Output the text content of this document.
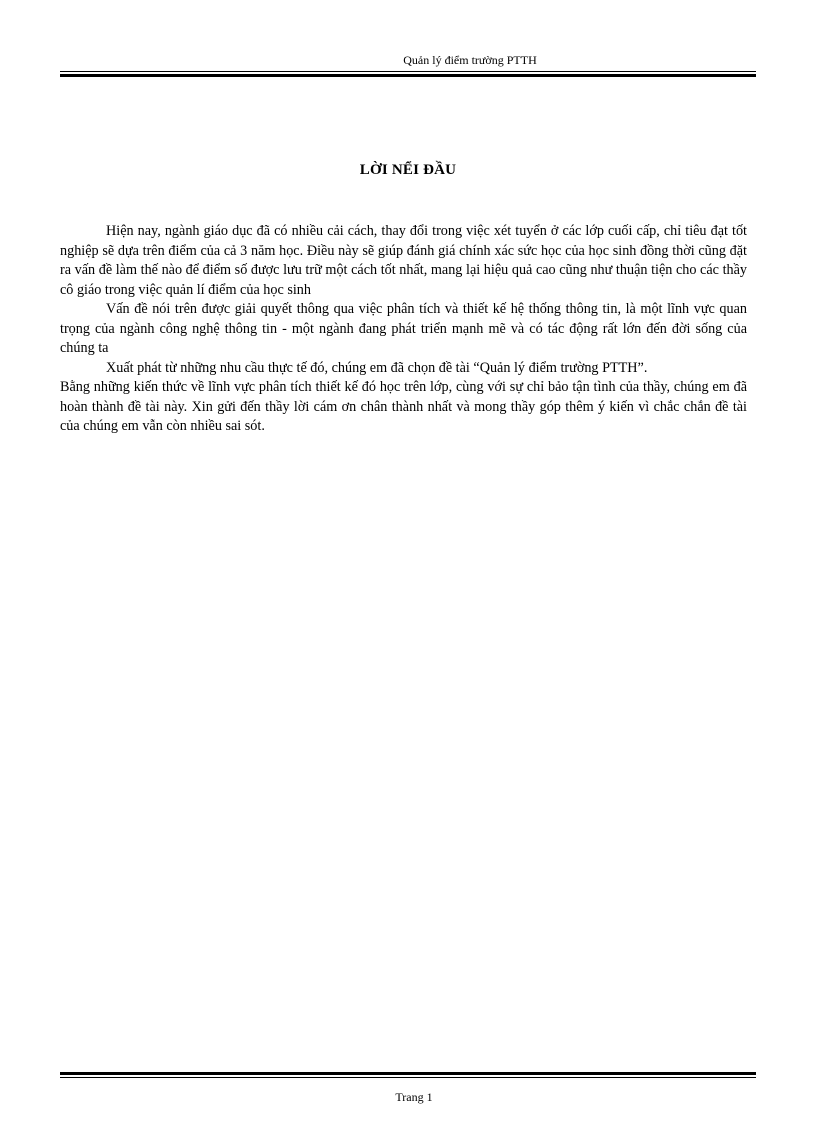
Quản lý điểm trường PTTH
LỜI NỂI ĐẦU

Hiện nay, ngành giáo dục đã có nhiều cải cách, thay đổi trong việc xét tuyển ở các lớp cuối cấp, chỉ tiêu đạt tốt nghiệp sẽ dựa trên điểm của cả 3 năm học. Điều này sẽ giúp đánh giá chính xác sức học của học sinh đồng thời cũng đặt ra vấn đề làm thế nào để điểm số được lưu trữ một cách tốt nhất, mang lại hiệu quả cao cũng như thuận tiện cho các thầy cô giáo trong việc quản lí điểm của học sinh

Vấn đề nói trên được giải quyết thông qua việc phân tích và thiết kế hệ thống thông tin, là một lĩnh vực quan trọng của ngành công nghệ thông tin - một ngành đang phát triển mạnh mẽ và có tác động rất lớn đến đời sống của chúng ta

Xuất phát từ những nhu cầu thực tế đó, chúng em đã chọn đề tài “Quản lý điểm trường PTTH”.

Bằng những kiến thức về lĩnh vực phân tích thiết kế đó học trên lớp, cùng với sự chỉ bảo tận tình của thầy, chúng em đã hoàn thành đề tài này. Xin gửi đến thầy lời cám ơn chân thành nhất và mong thầy góp thêm ý kiến vì chắc chắn đề tài của chúng em vẫn còn nhiều sai sót.

Trang 1
